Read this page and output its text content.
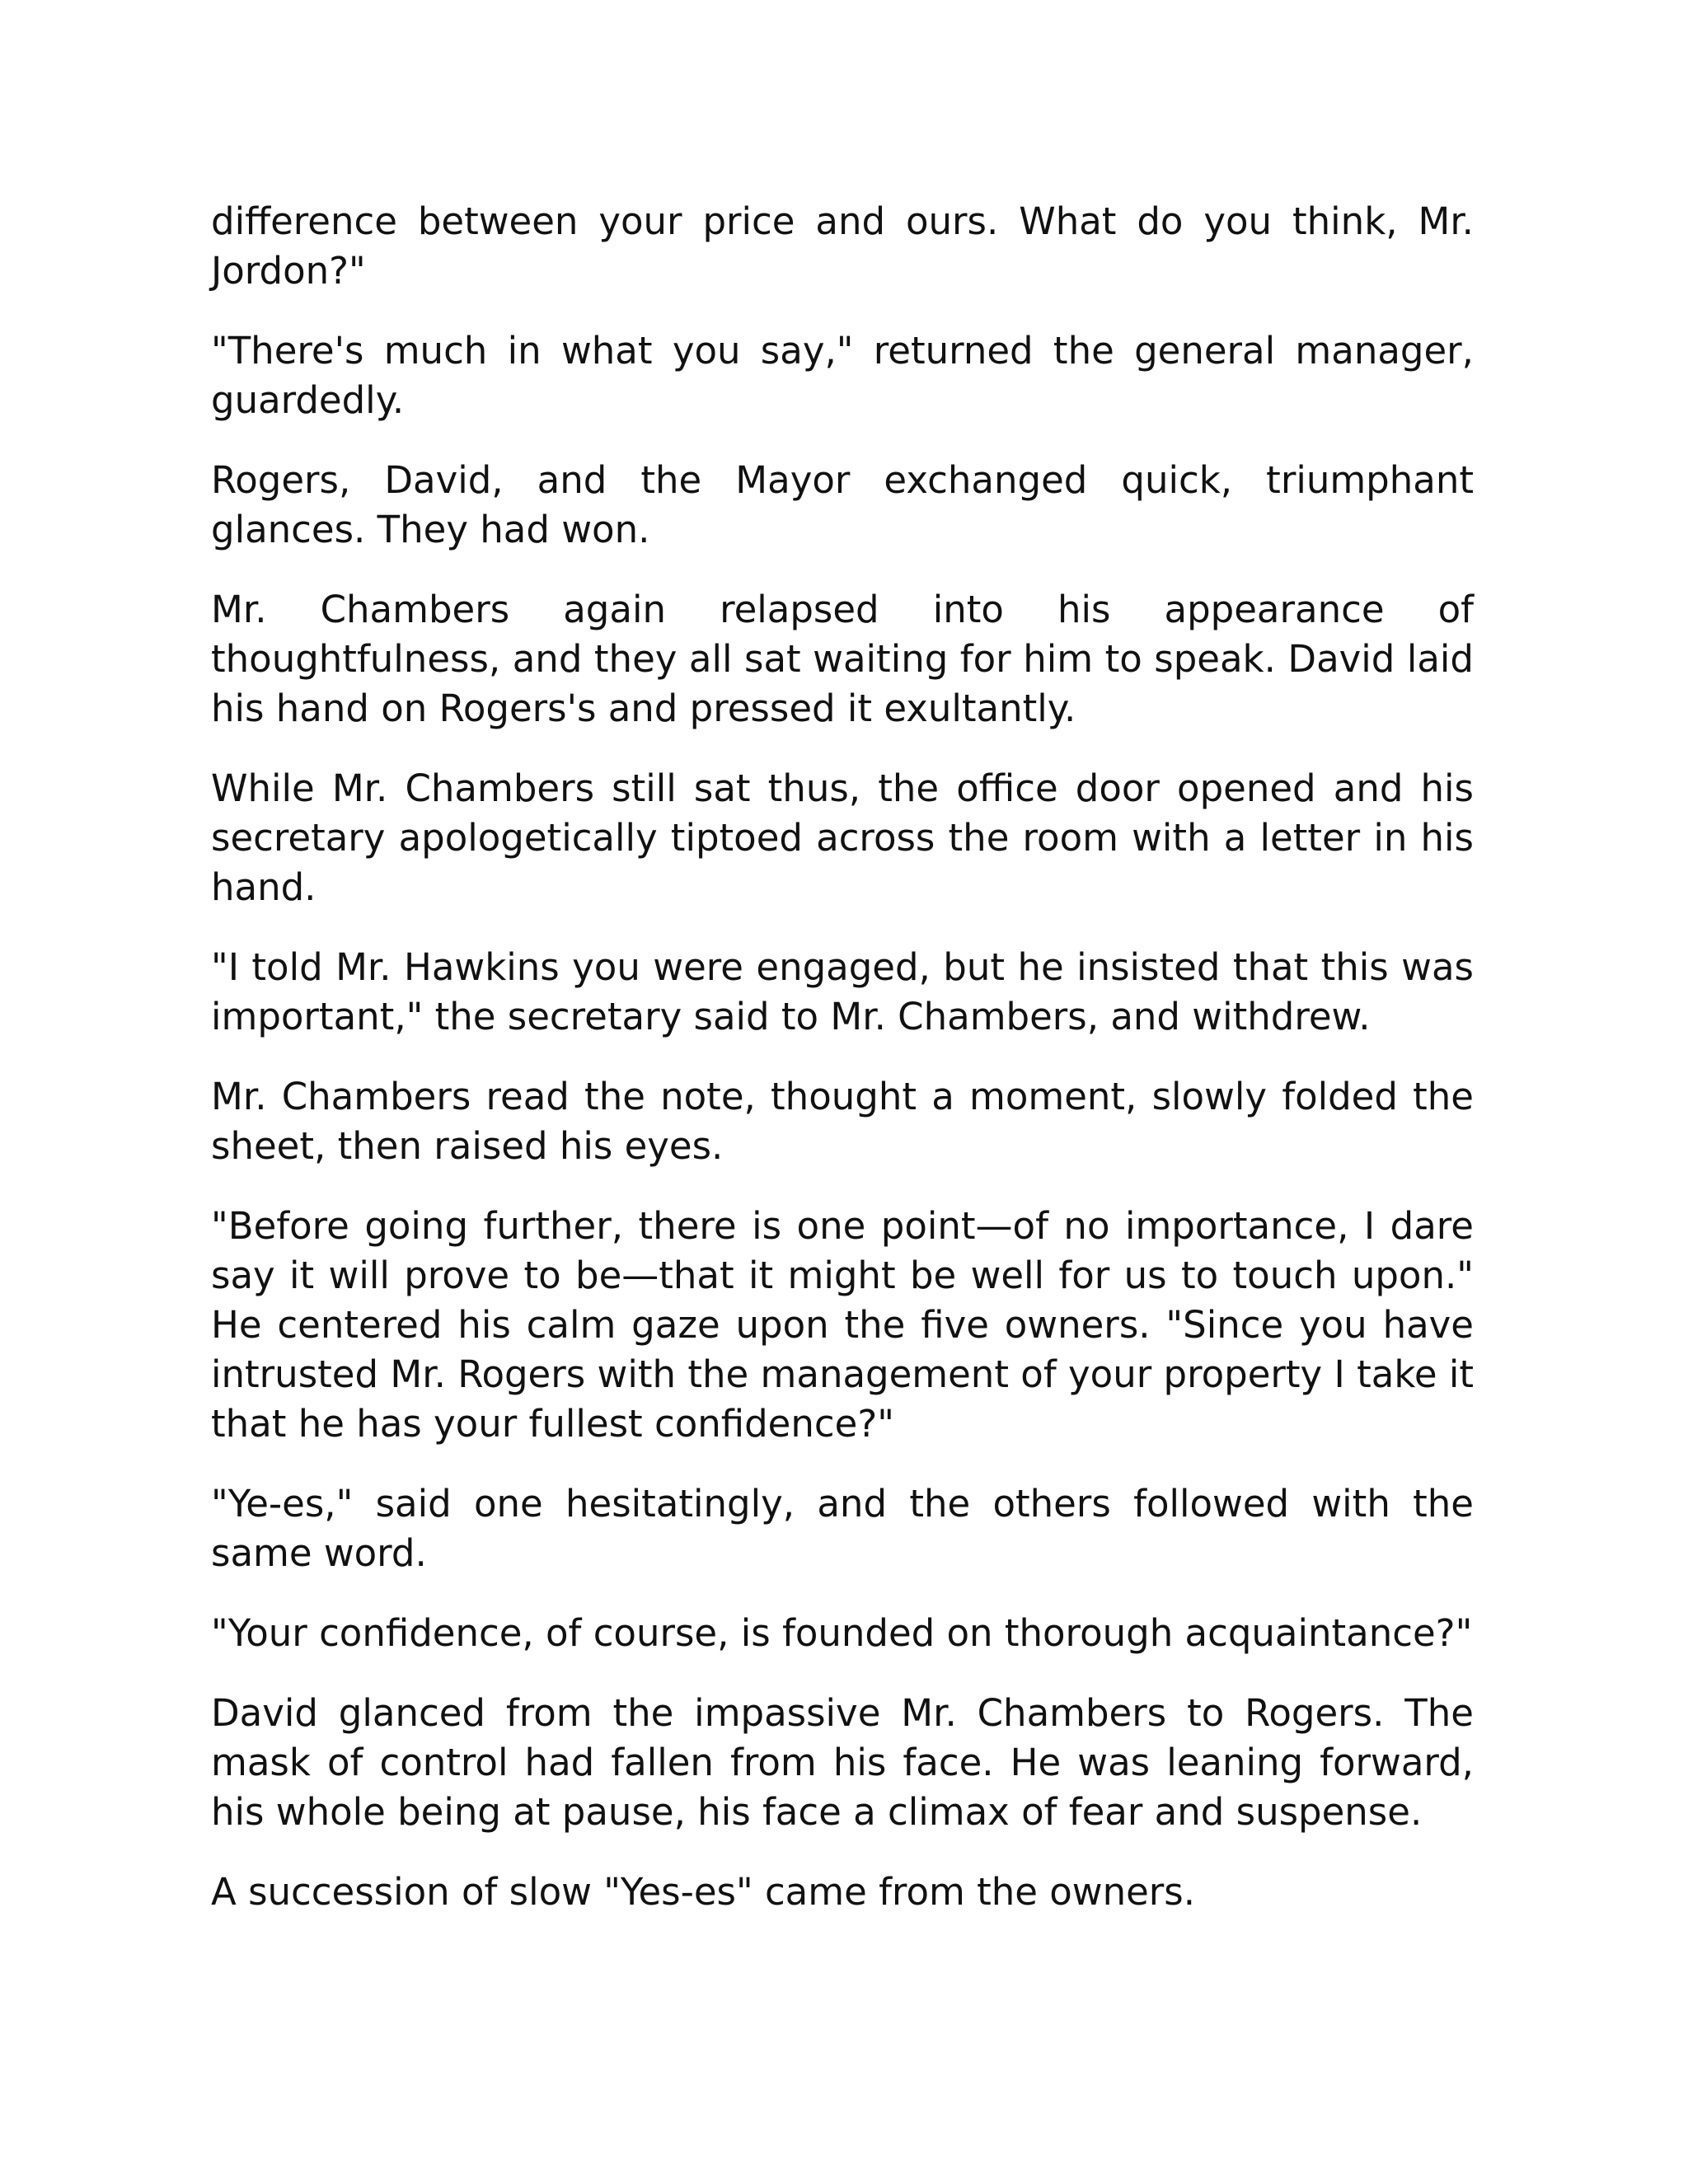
difference between your price and ours. What do you think, Mr. Jordon?"

"There's much in what you say," returned the general manager, guardedly.

Rogers, David, and the Mayor exchanged quick, triumphant glances. They had won.

Mr. Chambers again relapsed into his appearance of thoughtfulness, and they all sat waiting for him to speak. David laid his hand on Rogers's and pressed it exultantly.

While Mr. Chambers still sat thus, the office door opened and his secretary apologetically tiptoed across the room with a letter in his hand.

"I told Mr. Hawkins you were engaged, but he insisted that this was important," the secretary said to Mr. Chambers, and withdrew.

Mr. Chambers read the note, thought a moment, slowly folded the sheet, then raised his eyes.

"Before going further, there is one point—of no importance, I dare say it will prove to be—that it might be well for us to touch upon." He centered his calm gaze upon the five owners. "Since you have intrusted Mr. Rogers with the management of your property I take it that he has your fullest confidence?"

"Ye-es," said one hesitatingly, and the others followed with the same word.

"Your confidence, of course, is founded on thorough acquaintance?"

David glanced from the impassive Mr. Chambers to Rogers. The mask of control had fallen from his face. He was leaning forward, his whole being at pause, his face a climax of fear and suspense.

A succession of slow "Yes-es" came from the owners.
